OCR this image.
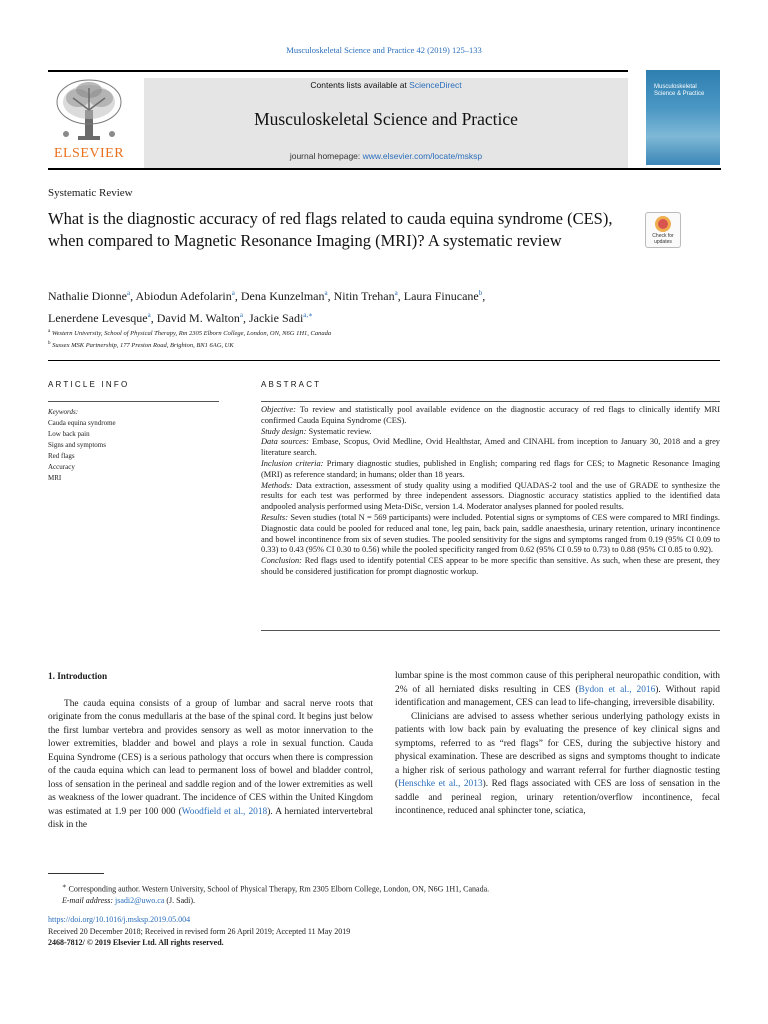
Musculoskeletal Science and Practice 42 (2019) 125–133
ELSEVIER
Contents lists available at ScienceDirect
Musculoskeletal Science and Practice
journal homepage: www.elsevier.com/locate/msksp
Musculoskeletal
Science & Practice
Systematic Review
What is the diagnostic accuracy of red flags related to cauda equina syndrome (CES), when compared to Magnetic Resonance Imaging (MRI)? A systematic review	Check for
updates
Nathalie Dionne$^a$, Abiodun Adefolarin$^a$, Dena Kunzelman$^a$, Nitin Trehan$^a$, Laura Finucane$^b$,
Lenerdene Levesque$^a$, David M. Walton$^a$, Jackie Sadi$^{a,∗}$
$^a$ Western University, School of Physical Therapy, Rm 2305 Elborn College, London, ON, N6G 1H1, Canada
$^b$ Sussex MSK Partnership, 177 Preston Road, Brighton, BN1 6AG, UK
ARTICLE INFO	ABSTRACT
Keywords:
Cauda equina syndrome
Low back pain
Signs and symptoms
Red flags
Accuracy
MRI
Objective: To review and statistically pool available evidence on the diagnostic accuracy of red flags to clinically identify MRI confirmed Cauda Equina Syndrome (CES).
Study design: Systematic review.
Data sources: Embase, Scopus, Ovid Medline, Ovid Healthstar, Amed and CINAHL from inception to January 30, 2018 and a grey literature search.
Inclusion criteria: Primary diagnostic studies, published in English; comparing red flags for CES; to Magnetic Resonance Imaging (MRI) as reference standard; in humans; older than 18 years.
Methods: Data extraction, assessment of study quality using a modified QUADAS-2 tool and the use of GRADE to synthesize the results for each test was performed by three independent assessors. Diagnostic accuracy statistics applied to the identified data andpooled analysis performed using Meta-DiSc, version 1.4. Moderator analyses planned for pooled results.
Results: Seven studies (total N = 569 participants) were included. Potential signs or symptoms of CES were compared to MRI findings. Diagnostic data could be pooled for reduced anal tone, leg pain, back pain, saddle anaesthesia, urinary retention, urinary incontinence and bowel incontinence from six of seven studies. The pooled sensitivity for the signs and symptoms ranged from 0.19 (95% CI 0.09 to 0.33) to 0.43 (95% CI 0.30 to 0.56) while the pooled specificity ranged from 0.62 (95% CI 0.59 to 0.73) to 0.88 (95% CI 0.85 to 0.92).
Conclusion: Red flags used to identify potential CES appear to be more specific than sensitive. As such, when these are present, they should be considered justification for prompt diagnostic workup.
1. Introduction

The cauda equina consists of a group of lumbar and sacral nerve roots that originate from the conus medullaris at the base of the spinal cord. It begins just below the first lumbar vertebra and provides sensory as well as motor innervation to the lower extremities, bladder and bowel and plays a role in sexual function. Cauda Equina Syndrome (CES) is a serious pathology that occurs when there is compression of the cauda equina which can lead to permanent loss of bowel and bladder control, loss of sensation in the perineal and saddle region and of the lower extremities as well as weakness of the lower quadrant. The incidence of CES within the United Kingdom was estimated at 1.9 per 100 000 (Woodfield et al., 2018). A herniated intervertebral disk in the

lumbar spine is the most common cause of this peripheral neuropathic condition, with 2% of all herniated disks resulting in CES (Bydon et al., 2016). Without rapid identification and management, CES can lead to life-changing, irreversible disability.

Clinicians are advised to assess whether serious underlying pathology exists in patients with low back pain by evaluating the presence of key clinical signs and symptoms, referred to as “red flags” for CES, during the subjective history and physical examination. These are described as signs and symptoms thought to indicate a higher risk of serious pathology and warrant referral for further diagnostic testing (Henschke et al., 2013). Red flags associated with CES are loss of sensation in the saddle and perineal region, urinary retention/overflow incontinence, fecal incontinence, reduced anal sphincter tone, sciatica,

∗ Corresponding author. Western University, School of Physical Therapy, Rm 2305 Elborn College, London, ON, N6G 1H1, Canada.
E-mail address: jsadi2@uwo.ca (J. Sadi).
https://doi.org/10.1016/j.msksp.2019.05.004
Received 20 December 2018; Received in revised form 26 April 2019; Accepted 11 May 2019
2468-7812/ © 2019 Elsevier Ltd. All rights reserved.
